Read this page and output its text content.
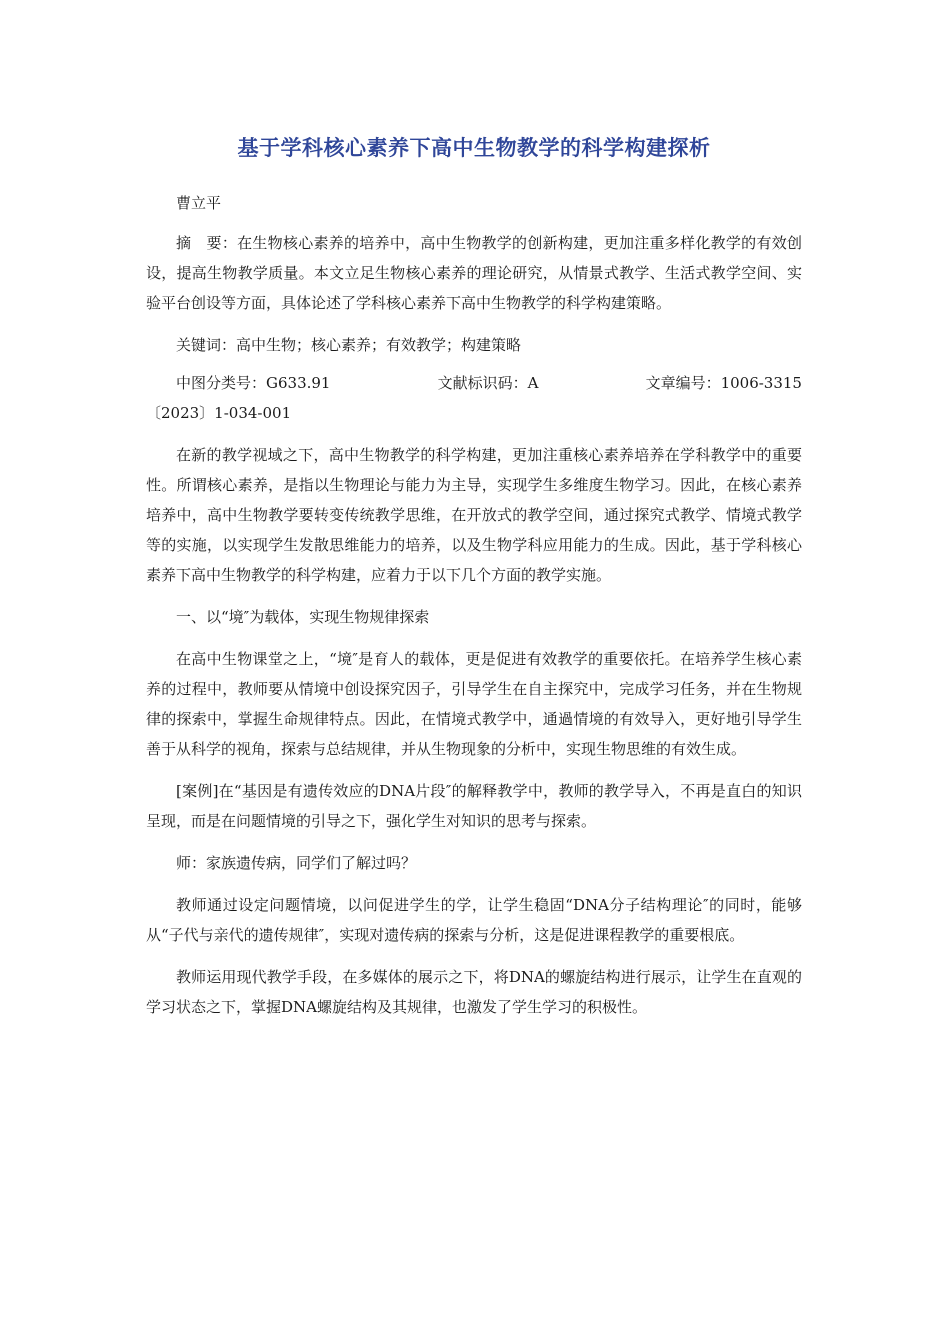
基于学科核心素养下高中生物教学的科学构建探析

曹立平

摘　要：在生物核心素养的培养中，高中生物教学的创新构建，更加注重多样化教学的有效创设，提高生物教学质量。本文立足生物核心素养的理论研究，从情景式教学、生活式教学空间、实验平台创设等方面，具体论述了学科核心素养下高中生物教学的科学构建策略。

关键词：高中生物；核心素养；有效教学；构建策略

中图分类号：G633.91	文献标识码：A	文章编号：1006-3315

〔2023〕1-034-001

在新的教学视域之下，高中生物教学的科学构建，更加注重核心素养培养在学科教学中的重要性。所谓核心素养，是指以生物理论与能力为主导，实现学生多维度生物学习。因此，在核心素养培养中，高中生物教学要转变传统教学思维，在开放式的教学空间，通过探究式教学、情境式教学等的实施，以实现学生发散思维能力的培养，以及生物学科应用能力的生成。因此，基于学科核心素养下高中生物教学的科学构建，应着力于以下几个方面的教学实施。

一、以“境″为载体，实现生物规律探索

在高中生物课堂之上，“境″是育人的载体，更是促进有效教学的重要依托。在培养学生核心素养的过程中，教师要从情境中创设探究因子，引导学生在自主探究中，完成学习任务，并在生物规律的探索中，掌握生命规律特点。因此，在情境式教学中，通過情境的有效导入，更好地引导学生善于从科学的视角，探索与总结规律，并从生物现象的分析中，实现生物思维的有效生成。

[案例]在“基因是有遗传效应的DNA片段″的解释教学中，教师的教学导入，不再是直白的知识呈现，而是在问题情境的引导之下，强化学生对知识的思考与探索。

师：家族遗传病，同学们了解过吗？

教师通过设定问题情境，以问促进学生的学，让学生稳固“DNA分子结构理论″的同时，能够从“子代与亲代的遗传规律″，实现对遗传病的探索与分析，这是促进课程教学的重要根底。

教师运用现代教学手段，在多媒体的展示之下，将DNA的螺旋结构进行展示，让学生在直观的学习状态之下，掌握DNA螺旋结构及其规律，也激发了学生学习的积极性。
